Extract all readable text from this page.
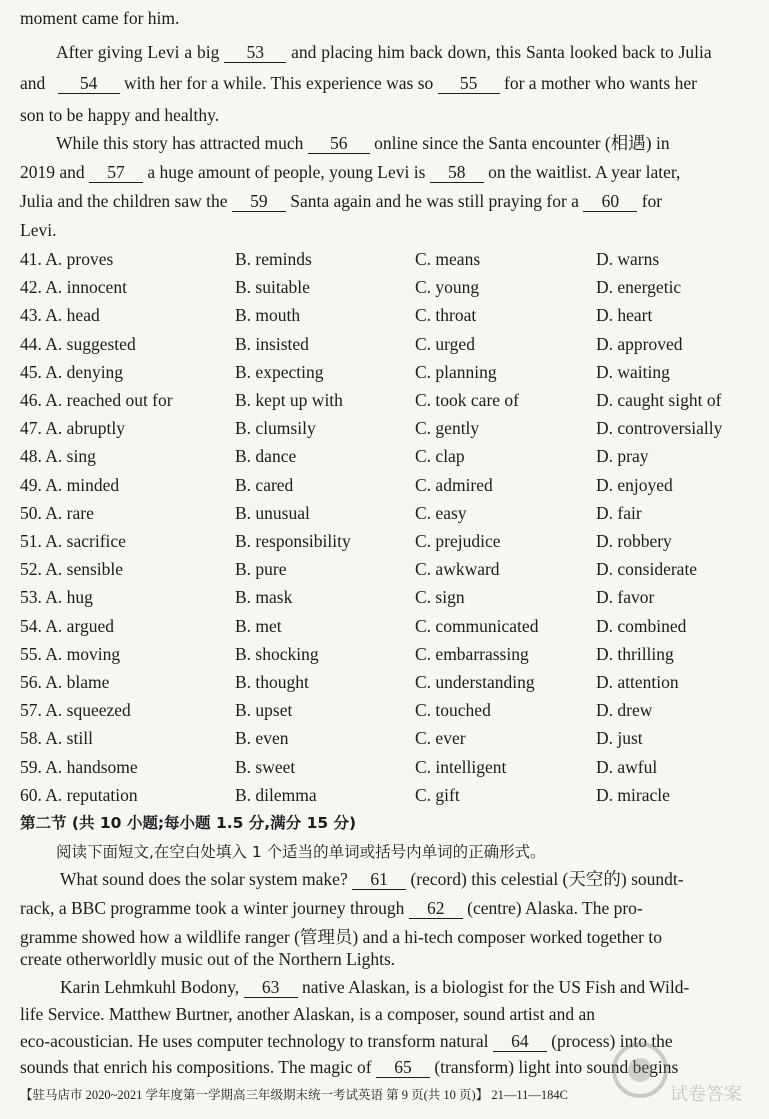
moment came for him.
After giving Levi a big 53 and placing him back down, this Santa looked back to Julia
and 54 with her for a while. This experience was so 55 for a mother who wants her
son to be happy and healthy.
While this story has attracted much 56 online since the Santa encounter (相遇) in
2019 and 57 a huge amount of people, young Levi is 58 on the waitlist. A year later,
Julia and the children saw the 59 Santa again and he was still praying for a 60 for
Levi.
41. A. proves	B. reminds	C. means	D. warns
42. A. innocent	B. suitable	C. young	D. energetic
43. A. head	B. mouth	C. throat	D. heart
44. A. suggested	B. insisted	C. urged	D. approved
45. A. denying	B. expecting	C. planning	D. waiting
46. A. reached out for	B. kept up with	C. took care of	D. caught sight of
47. A. abruptly	B. clumsily	C. gently	D. controversially
48. A. sing	B. dance	C. clap	D. pray
49. A. minded	B. cared	C. admired	D. enjoyed
50. A. rare	B. unusual	C. easy	D. fair
51. A. sacrifice	B. responsibility	C. prejudice	D. robbery
52. A. sensible	B. pure	C. awkward	D. considerate
53. A. hug	B. mask	C. sign	D. favor
54. A. argued	B. met	C. communicated	D. combined
55. A. moving	B. shocking	C. embarrassing	D. thrilling
56. A. blame	B. thought	C. understanding	D. attention
57. A. squeezed	B. upset	C. touched	D. drew
58. A. still	B. even	C. ever	D. just
59. A. handsome	B. sweet	C. intelligent	D. awful
60. A. reputation	B. dilemma	C. gift	D. miracle
第二节 (共 10 小题;每小题 1.5 分,满分 15 分)
阅读下面短文,在空白处填入 1 个适当的单词或括号内单词的正确形式。
What sound does the solar system make? 61 (record) this celestial (天空的) soundt-
rack, a BBC programme took a winter journey through 62 (centre) Alaska. The pro-
gramme showed how a wildlife ranger (管理员) and a hi-tech composer worked together to
create otherworldly music out of the Northern Lights.
Karin Lehmkuhl Bodony, 63 native Alaskan, is a biologist for the US Fish and Wild-
life Service. Matthew Burtner, another Alaskan, is a composer, sound artist and an
eco-acoustician. He uses computer technology to transform natural 64 (process) into the
sounds that enrich his compositions. The magic of 65 (transform) light into sound begins
【驻马店市 2020~2021 学年度第一学期高三年级期末统一考试英语 第 9 页(共 10 页)】 21—11—184C	试卷答案
